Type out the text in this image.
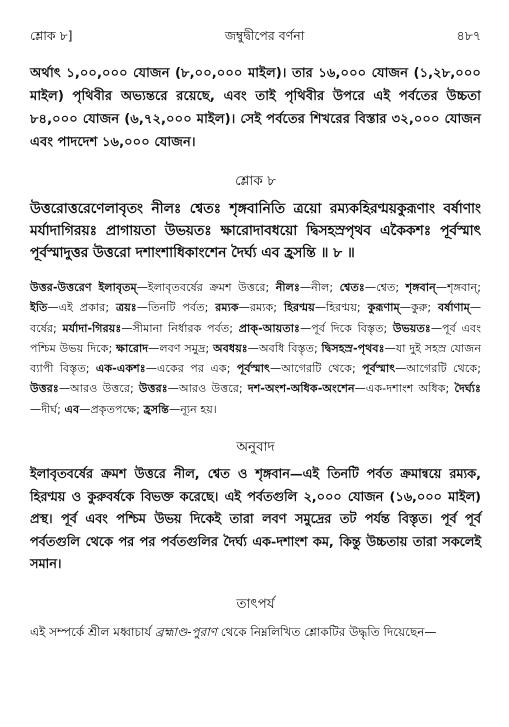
শ্লোক ৮]	জম্বুদ্বীপের বর্ণনা	৪৮৭

অর্থাৎ ১,০০,০০০ যোজন (৮,০০,০০০ মাইল)। তার ১৬,০০০ যোজন (১,২৮,০০০ মাইল) পৃথিবীর অভ্যন্তরে রয়েছে, এবং তাই পৃথিবীর উপরে এই পর্বতের উচ্চতা ৮৪,০০০ যোজন (৬,৭২,০০০ মাইল)। সেই পর্বতের শিখরের বিস্তার ৩২,০০০ যোজন এবং পাদদেশ ১৬,০০০ যোজন।

শ্লোক ৮

উত্তরোত্তরেণেলাবৃতং নীলঃ শ্বেতঃ শৃঙ্গবানিতি ত্রয়ো রম্যকহিরণ্ময়কুরূণাং বর্ষাণাং মর্যাদাগিরয়ঃ প্রাগায়তা উভয়তঃ ক্ষারোদাবধয়ো দ্বিসহস্রপৃথব একৈকশঃ পূর্বস্মাৎ পূর্বস্মাদুত্তর উত্তরো দশাংশাধিকাংশেন দৈর্ঘ্য এব হ্রসন্তি ॥ ৮ ॥

উত্তর-উত্তরেণ ইলাবৃতম্—ইলাবৃতবর্ষের ক্রমশ উত্তরে; নীলঃ—নীল; শ্বেতঃ—শ্বেত; শৃঙ্গবান্—শৃঙ্গবান্; ইতি—এই প্রকার; ত্রয়ঃ—তিনটি পর্বত; রম্যক—রম্যক; হিরণ্ময়—হিরণ্ময়; কুরূণাম্—কুরু; বর্ষাণাম্—বর্ষের; মর্যাদা-গিরয়ঃ—সীমানা নির্ধারক পর্বত; প্রাক্-আয়তাঃ—পূর্ব দিকে বিস্তৃত; উভয়তঃ—পূর্ব এবং পশ্চিম উভয় দিকে; ক্ষারোদ—লবণ সমুদ্র; অবধয়ঃ—অবধি বিস্তৃত; দ্বিসহস্র-পৃথবঃ—যা দুই সহস্র যোজন ব্যাপী বিস্তৃত; এক-একশঃ—একের পর এক; পূর্বস্মাৎ—আগেরটি থেকে; পূর্বস্মাৎ—আগেরটি থেকে; উত্তরঃ—আরও উত্তরে; উত্তরঃ—আরও উত্তরে; দশ-অংশ-অধিক-অংশেন—এক-দশাংশ অধিক; দৈর্ঘ্যঃ—দীর্ঘ; এব—প্রকৃতপক্ষে; হ্রসন্তি—ন্যূন হয়।

অনুবাদ

ইলাবৃতবর্ষের ক্রমশ উত্তরে নীল, শ্বেত ও শৃঙ্গবান—এই তিনটি পর্বত ক্রমান্বয়ে রম্যক, হিরণ্ময় ও কুরুবর্ষকে বিভক্ত করেছে। এই পর্বতগুলি ২,০০০ যোজন (১৬,০০০ মাইল) প্রস্থ। পূর্ব এবং পশ্চিম উভয় দিকেই তারা লবণ সমুদ্রের তট পর্যন্ত বিস্তৃত। পূর্ব পূর্ব পর্বতগুলি থেকে পর পর পর্বতগুলির দৈর্ঘ্য এক-দশাংশ কম, কিন্তু উচ্চতায় তারা সকলেই সমান।

তাৎপর্য

এই সম্পর্কে শ্রীল মধ্বাচার্য ব্রহ্মাণ্ড-পুরাণ থেকে নিম্নলিখিত শ্লোকটির উদ্ধৃতি দিয়েছেন—
